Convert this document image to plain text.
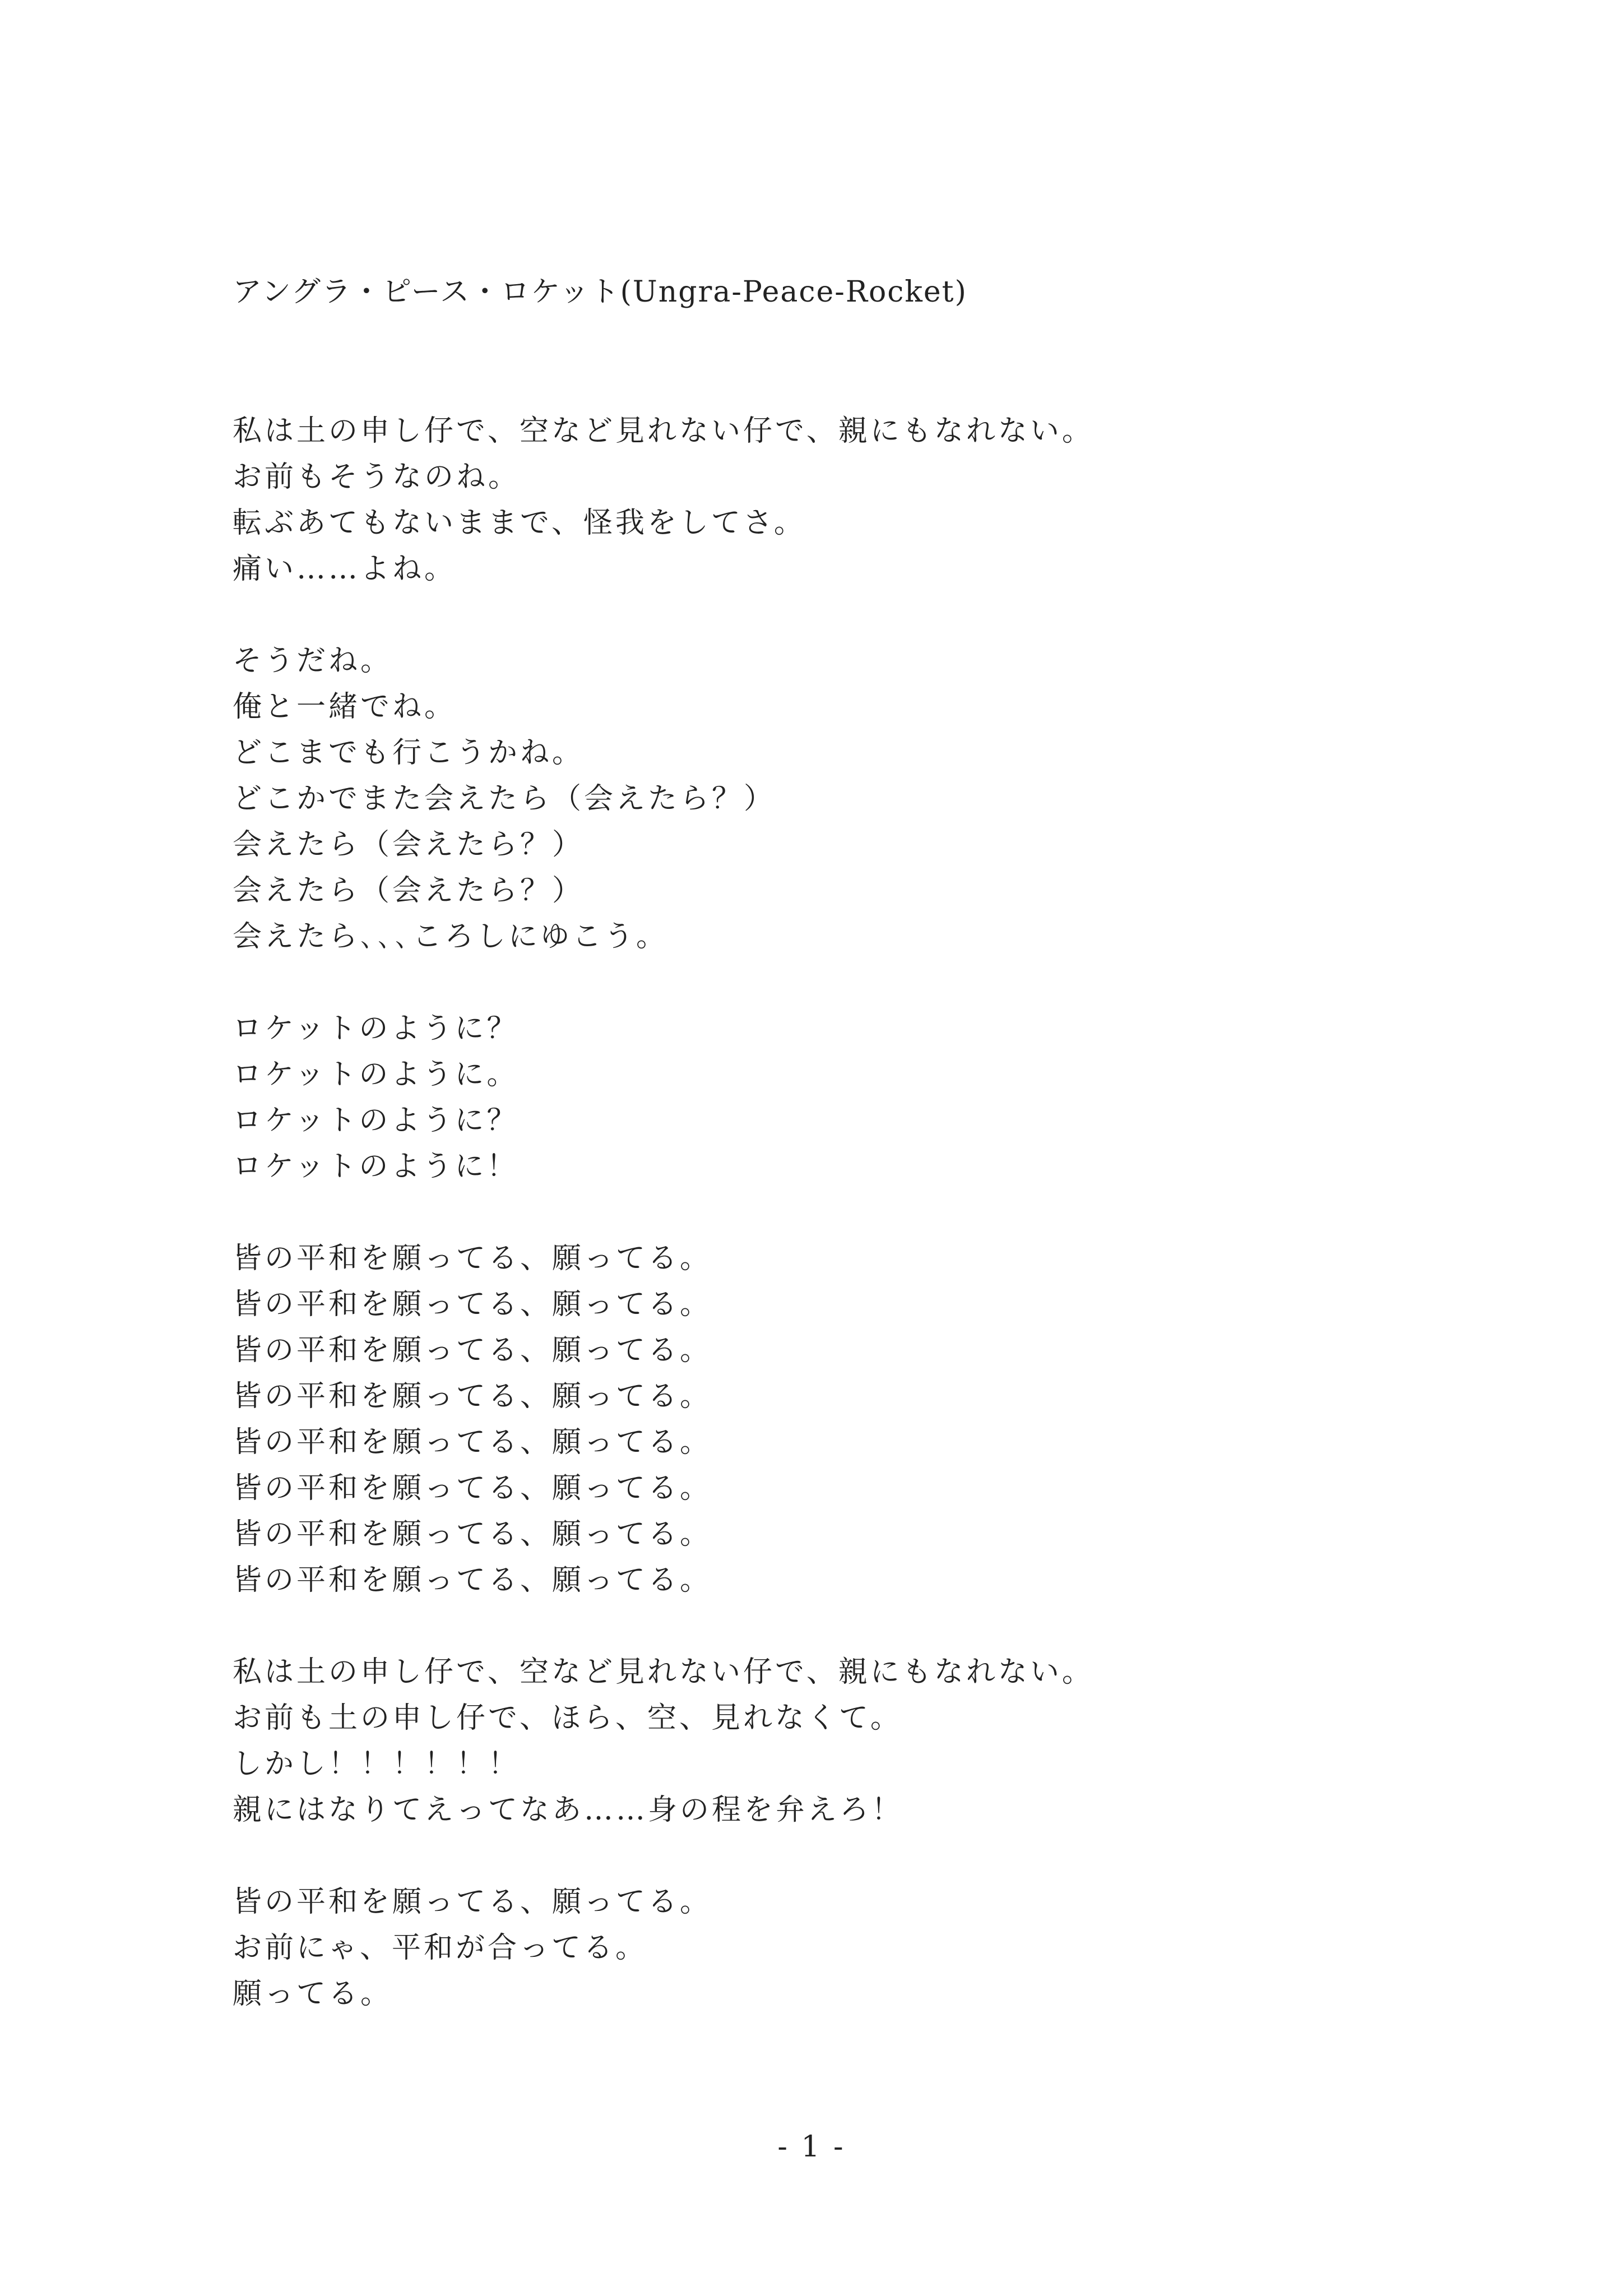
アングラ・ピース・ロケット(Ungra-Peace-Rocket)
私は土の申し仔で、空など見れない仔で、親にもなれない。
お前もそうなのね。
転ぶあてもないままで、怪我をしてさ。
痛い……よね。
そうだね。
俺と一緒でね。
どこまでも行こうかね。
どこかでまた会えたら（会えたら？）
会えたら（会えたら？）
会えたら（会えたら？）
会えたら､､､ころしにゆこう。
ロケットのように？
ロケットのように。
ロケットのように？
ロケットのように！
皆の平和を願ってる、願ってる。
皆の平和を願ってる、願ってる。
皆の平和を願ってる、願ってる。
皆の平和を願ってる、願ってる。
皆の平和を願ってる、願ってる。
皆の平和を願ってる、願ってる。
皆の平和を願ってる、願ってる。
皆の平和を願ってる、願ってる。
私は土の申し仔で、空など見れない仔で、親にもなれない。
お前も土の申し仔で、ほら、空、見れなくて。
しかし！！！！！！
親にはなりてえってなあ……身の程を弁えろ！
皆の平和を願ってる、願ってる。
お前にゃ、平和が合ってる。
願ってる。
- 1 -
